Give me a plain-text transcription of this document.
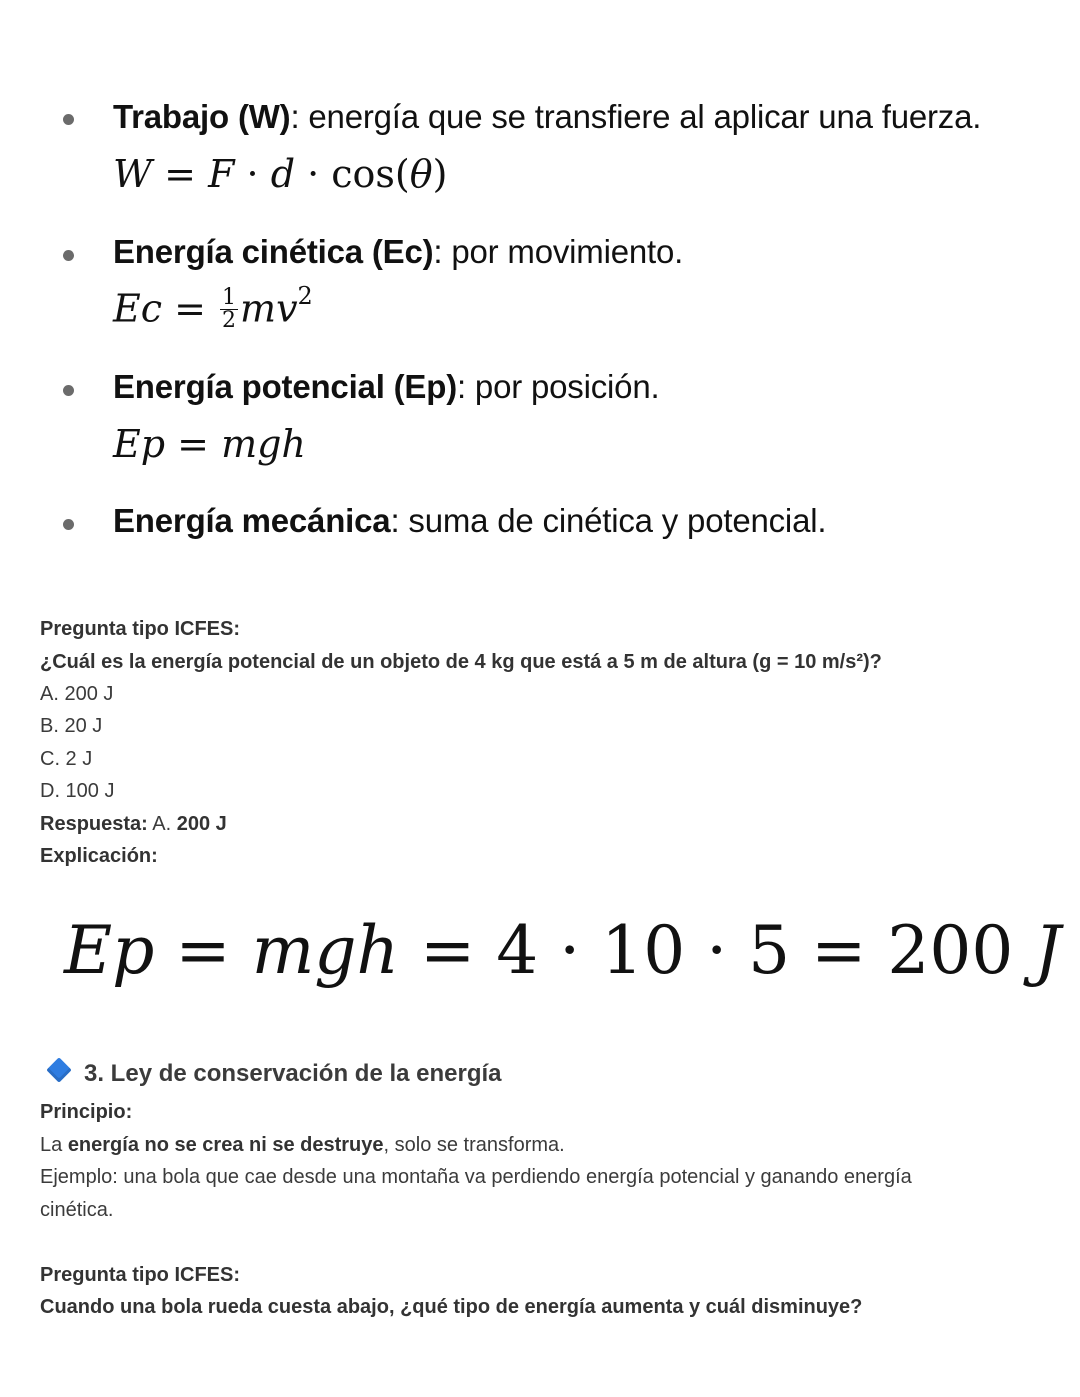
Trabajo (W): energía que se transfiere al aplicar una fuerza.
W = F · d · cos(θ)
Energía cinética (Ec): por movimiento.
$Ec = \frac{1}{2} mv^2$
Energía potencial (Ep): por posición.
Ep = mgh
Energía mecánica: suma de cinética y potencial.
Pregunta tipo ICFES:
¿Cuál es la energía potencial de un objeto de 4 kg que está a 5 m de altura (g = 10 m/s²)?
A. 200 J
B. 20 J
C. 2 J
D. 100 J
Respuesta: A. 200 J
Explicación:
Ep = mgh = 4 · 10 · 5 = 200 J
3. Ley de conservación de la energía
Principio:
La energía no se crea ni se destruye, solo se transforma.
Ejemplo: una bola que cae desde una montaña va perdiendo energía potencial y ganando energía
cinética.
Pregunta tipo ICFES:
Cuando una bola rueda cuesta abajo, ¿qué tipo de energía aumenta y cuál disminuye?
